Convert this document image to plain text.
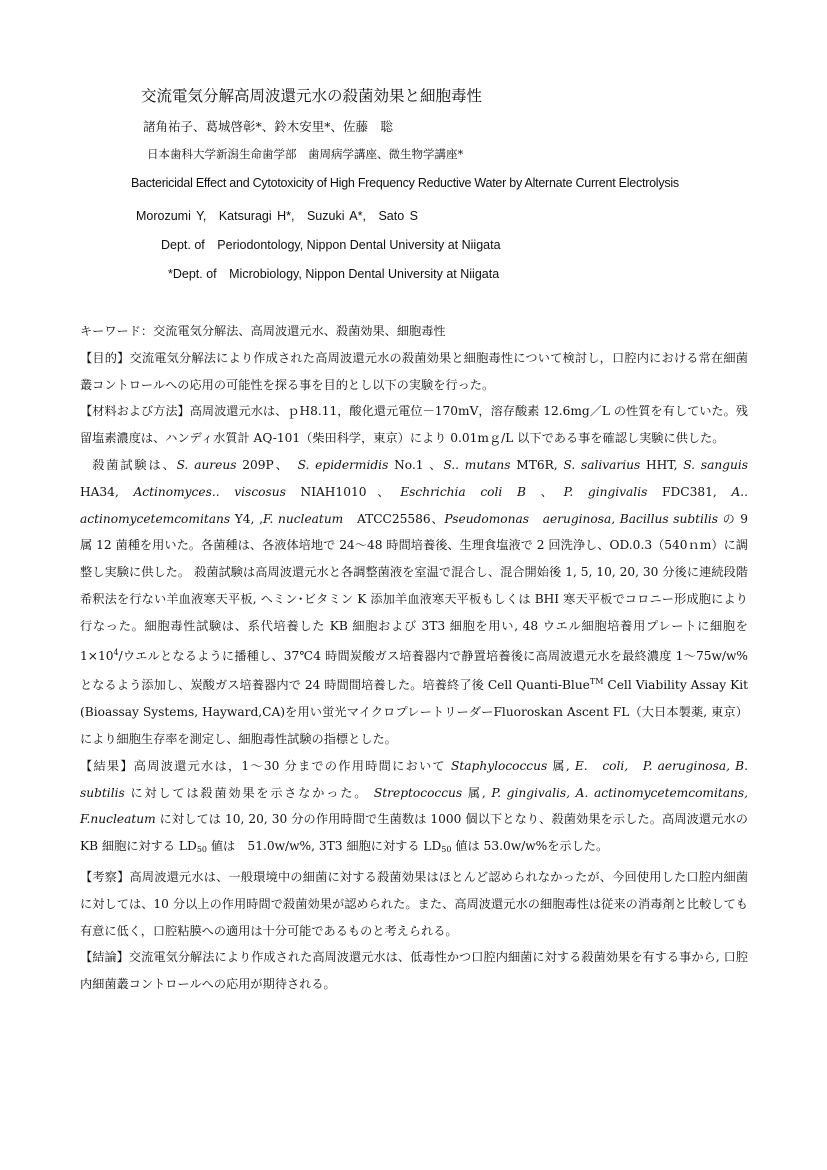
交流電気分解高周波還元水の殺菌効果と細胞毒性
諸角祐子、葛城啓彰*、鈴木安里*、佐藤　聡
日本歯科大学新潟生命歯学部　歯周病学講座、微生物学講座*
Bactericidal Effect and Cytotoxicity of High Frequency Reductive Water by Alternate Current Electrolysis
Morozumi Y,　Katsuragi H*,　Suzuki A*,　Sato S
Dept. of　Periodontology, Nippon Dental University at Niigata
*Dept. of　Microbiology, Nippon Dental University at Niigata
キーワード：交流電気分解法、高周波還元水、殺菌効果、細胞毒性
【目的】交流電気分解法により作成された高周波還元水の殺菌効果と細胞毒性について検討し，口腔内における常在細菌叢コントロールへの応用の可能性を探る事を目的とし以下の実験を行った。
【材料および方法】高周波還元水は、ｐH8.11，酸化還元電位－170mV，溶存酸素 12.6mg／L の性質を有していた。残留塩素濃度は、ハンディ水質計 AQ-101（柴田科学，東京）により 0.01mｇ/L 以下である事を確認し実験に供した。
殺菌試験は、S. aureus 209P、　S. epidermidis No.1 、S.. mutans MT6R, S. salivarius HHT, S. sanguis HA34, Actinomyces.. viscosus NIAH1010、Eschrichia coli B 、P. gingivalis FDC381, A.. actinomycetemcomitans Y4, ,F. nucleatum　ATCC25586、Pseudomonas　aeruginosa, Bacillus subtilis の 9 属 12 菌種を用いた。各菌種は、各液体培地で 24～48 時間培養後、生理食塩液で 2 回洗浄し、OD.0.3（540ｎm）に調整し実験に供した。 殺菌試験は高周波還元水と各調整菌液を室温で混合し、混合開始後 1, 5, 10, 20, 30 分後に連続段階希釈法を行ない羊血液寒天平板, ヘミン･ビタミン K 添加羊血液寒天平板もしくは BHI 寒天平板でコロニー形成胞により行なった。細胞毒性試験は、系代培養した KB 細胞および 3T3 細胞を用い, 48 ウエル細胞培養用プレートに細胞を $1\times 10^4/$ウエルとなるように播種し、37℃4 時間炭酸ガス培養器内で静置培養後に高周波還元水を最終濃度 1～75w/w%となるよう添加し、炭酸ガス培養器内で 24 時間間培養した。培養終了後 Cell Quanti-Blue™ Cell Viability Assay Kit (Bioassay Systems, Hayward,CA)を用い蛍光マイクロプレートリーダーFluoroskan Ascent FL（大日本製薬, 東京）により細胞生存率を測定し、細胞毒性試験の指標とした。
【結果】高周波還元水は，1～30 分までの作用時間において Staphylococcus 属, E.　coli,　P. aeruginosa, B. subtilis に対しては殺菌効果を示さなかった。 Streptococcus 属, P. gingivalis, A. actinomycetemcomitans, F.nucleatum に対しては 10, 20, 30 分の作用時間で生菌数は 1000 個以下となり、殺菌効果を示した。高周波還元水の KB 細胞に対する $LD_{50}$ 値は　51.0w/w%, 3T3 細胞に対する $LD_{50}$ 値は 53.0w/w%を示した。
【考察】高周波還元水は、一般環境中の細菌に対する殺菌効果はほとんど認められなかったが、今回使用した口腔内細菌に対しては、10 分以上の作用時間で殺菌効果が認められた。また、高周波還元水の細胞毒性は従来の消毒剤と比較しても有意に低く，口腔粘膜への適用は十分可能であるものと考えられる。
【結論】交流電気分解法により作成された高周波還元水は、低毒性かつ口腔内細菌に対する殺菌効果を有する事から, 口腔内細菌叢コントロールへの応用が期待される。
